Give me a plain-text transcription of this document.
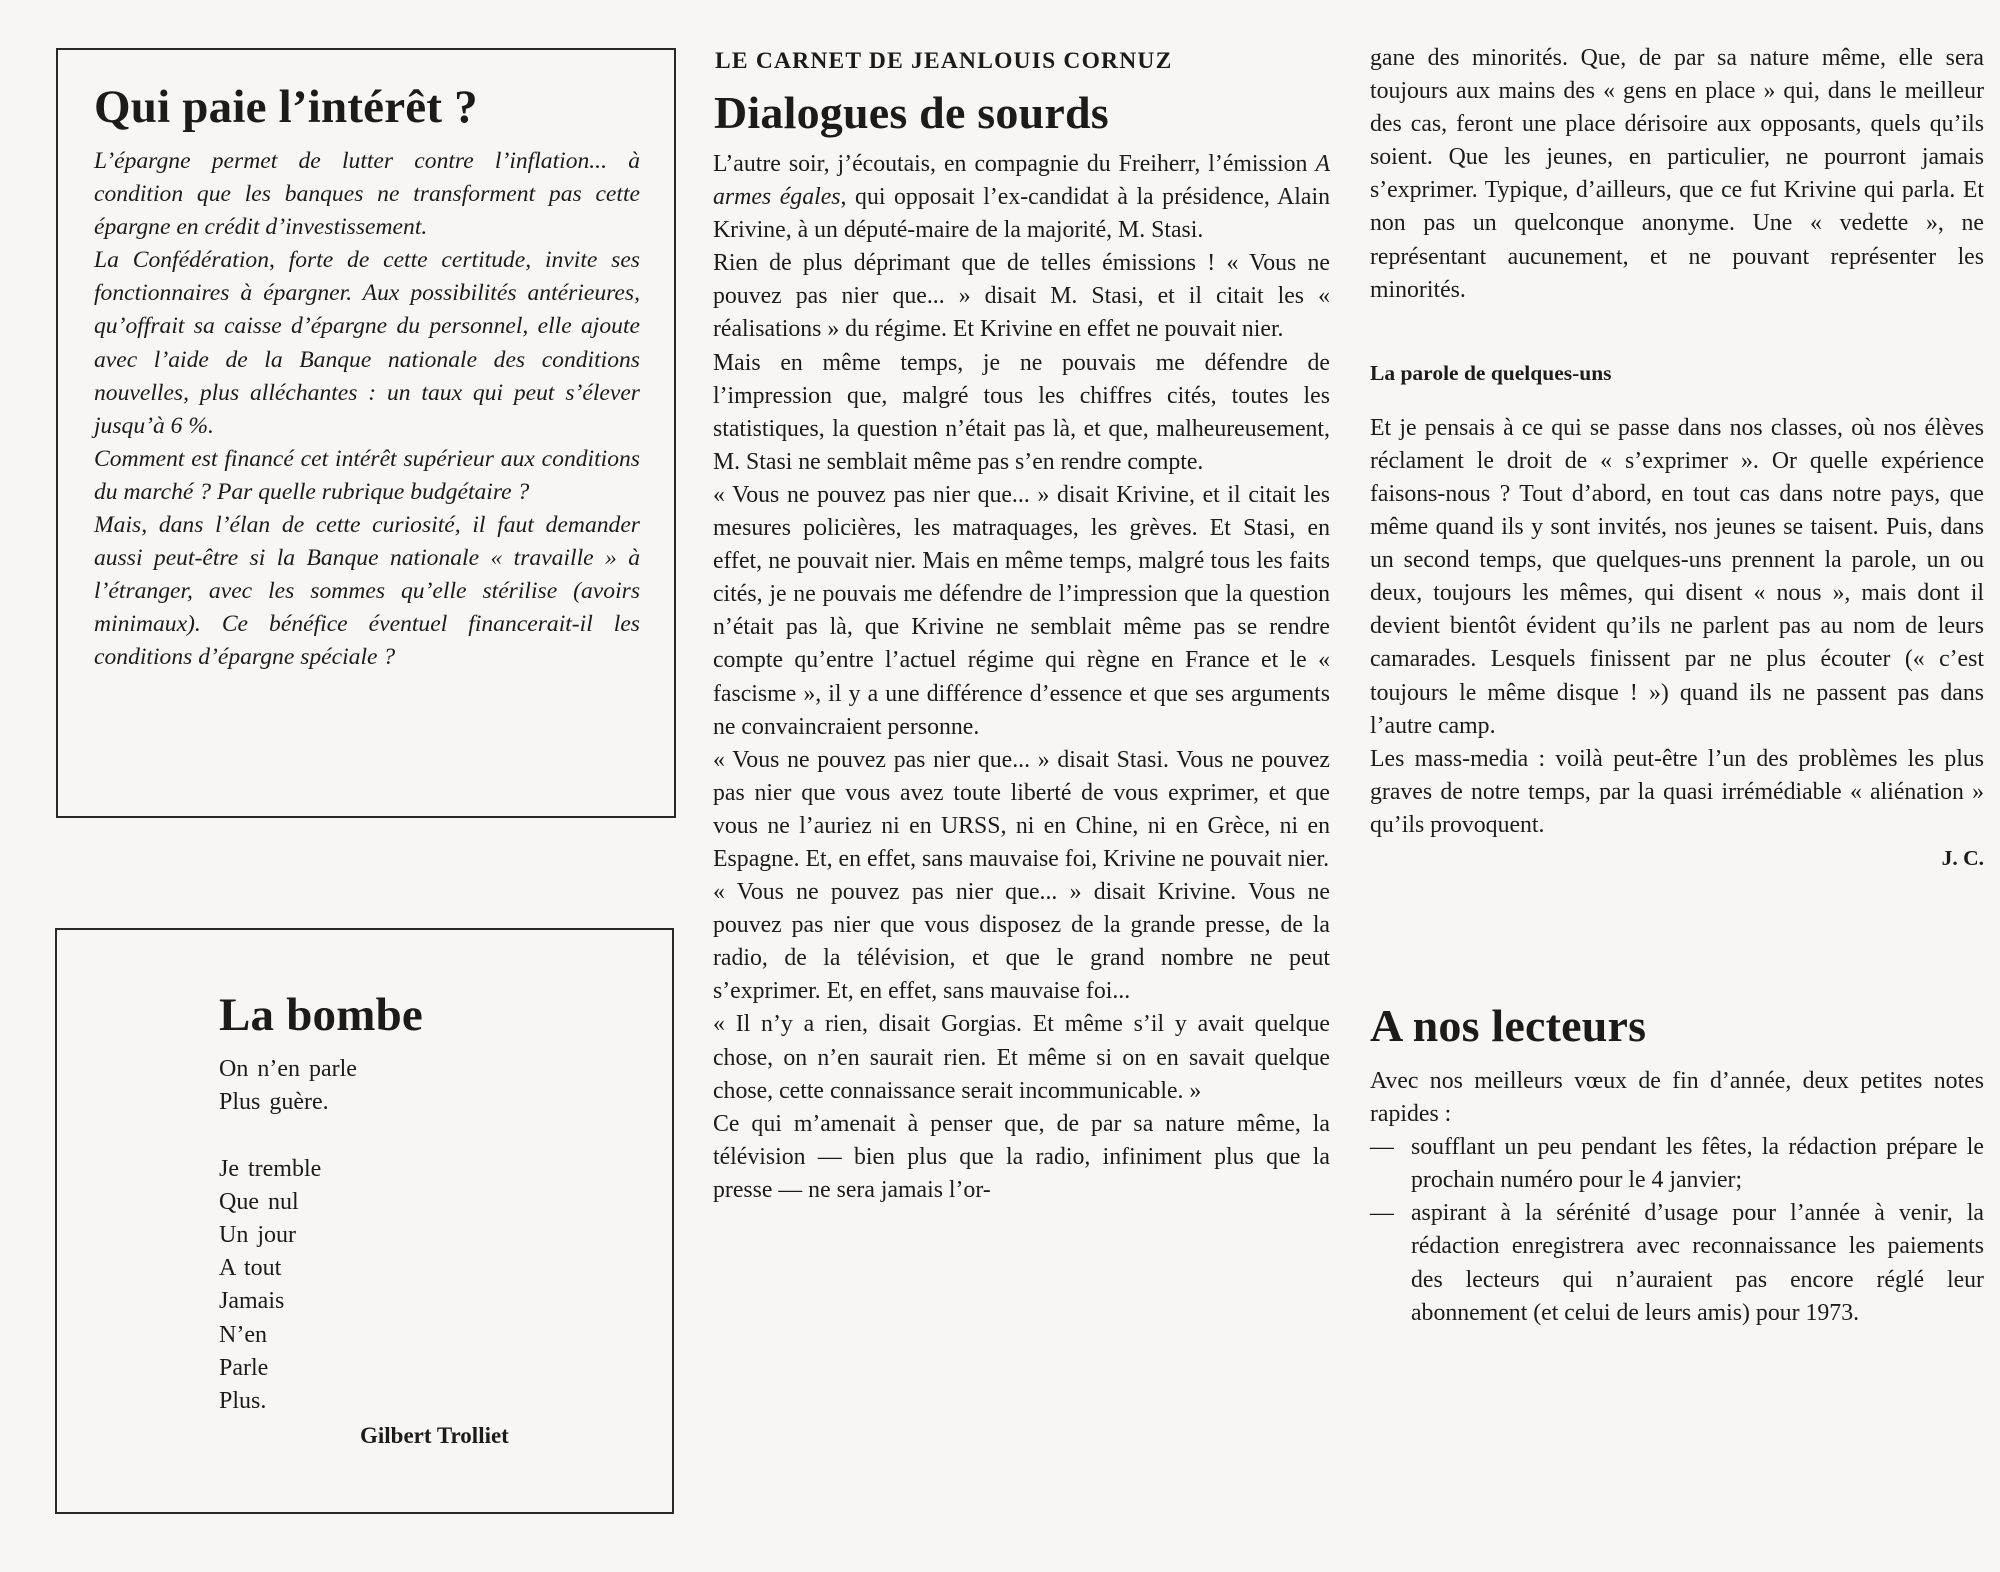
Qui paie l’intérêt ?

L’épargne permet de lutter contre l’inflation... à condition que les banques ne transforment pas cette épargne en crédit d’investissement.

La Confédération, forte de cette certitude, invite ses fonctionnaires à épargner. Aux possibilités antérieures, qu’offrait sa caisse d’épargne du personnel, elle ajoute avec l’aide de la Banque nationale des conditions nouvelles, plus alléchantes : un taux qui peut s’élever jusqu’à 6 %.

Comment est financé cet intérêt supérieur aux conditions du marché ? Par quelle rubrique budgétaire ?

Mais, dans l’élan de cette curiosité, il faut demander aussi peut-être si la Banque nationale « travaille » à l’étranger, avec les sommes qu’elle stérilise (avoirs minimaux). Ce bénéfice éventuel financerait-il les conditions d’épargne spéciale ?

La bombe
On n’en parle
Plus guère.
Je tremble
Que nul
Un jour
A tout
Jamais
N’en
Parle
Plus.
Gilbert Trolliet
LE CARNET DE JEANLOUIS CORNUZ
Dialogues de sourds

L’autre soir, j’écoutais, en compagnie du Freiherr, l’émission A armes égales, qui opposait l’ex-candidat à la présidence, Alain Krivine, à un député-maire de la majorité, M. Stasi.

Rien de plus déprimant que de telles émissions ! « Vous ne pouvez pas nier que... » disait M. Stasi, et il citait les « réalisations » du régime. Et Krivine en effet ne pouvait nier.

Mais en même temps, je ne pouvais me défendre de l’impression que, malgré tous les chiffres cités, toutes les statistiques, la question n’était pas là, et que, malheureusement, M. Stasi ne semblait même pas s’en rendre compte.

« Vous ne pouvez pas nier que... » disait Krivine, et il citait les mesures policières, les matraquages, les grèves. Et Stasi, en effet, ne pouvait nier. Mais en même temps, malgré tous les faits cités, je ne pouvais me défendre de l’impression que la question n’était pas là, que Krivine ne semblait même pas se rendre compte qu’entre l’actuel régime qui règne en France et le « fascisme », il y a une différence d’essence et que ses arguments ne convaincraient personne.

« Vous ne pouvez pas nier que... » disait Stasi. Vous ne pouvez pas nier que vous avez toute liberté de vous exprimer, et que vous ne l’auriez ni en URSS, ni en Chine, ni en Grèce, ni en Espagne. Et, en effet, sans mauvaise foi, Krivine ne pouvait nier.

« Vous ne pouvez pas nier que... » disait Krivine. Vous ne pouvez pas nier que vous disposez de la grande presse, de la radio, de la télévision, et que le grand nombre ne peut s’exprimer. Et, en effet, sans mauvaise foi...

« Il n’y a rien, disait Gorgias. Et même s’il y avait quelque chose, on n’en saurait rien. Et même si on en savait quelque chose, cette connaissance serait incommunicable. »

Ce qui m’amenait à penser que, de par sa nature même, la télévision — bien plus que la radio, infiniment plus que la presse — ne sera jamais l’or-

gane des minorités. Que, de par sa nature même, elle sera toujours aux mains des « gens en place » qui, dans le meilleur des cas, feront une place dérisoire aux opposants, quels qu’ils soient. Que les jeunes, en particulier, ne pourront jamais s’exprimer. Typique, d’ailleurs, que ce fut Krivine qui parla. Et non pas un quelconque anonyme. Une « vedette », ne représentant aucunement, et ne pouvant représenter les minorités.

La parole de quelques-uns

Et je pensais à ce qui se passe dans nos classes, où nos élèves réclament le droit de « s’exprimer ». Or quelle expérience faisons-nous ? Tout d’abord, en tout cas dans notre pays, que même quand ils y sont invités, nos jeunes se taisent. Puis, dans un second temps, que quelques-uns prennent la parole, un ou deux, toujours les mêmes, qui disent « nous », mais dont il devient bientôt évident qu’ils ne parlent pas au nom de leurs camarades. Lesquels finissent par ne plus écouter (« c’est toujours le même disque ! ») quand ils ne passent pas dans l’autre camp.

Les mass-media : voilà peut-être l’un des problèmes les plus graves de notre temps, par la quasi irrémédiable « aliénation » qu’ils provoquent.

J. C.

A nos lecteurs

Avec nos meilleurs vœux de fin d’année, deux petites notes rapides :

— soufflant un peu pendant les fêtes, la rédaction prépare le prochain numéro pour le 4 janvier;
— aspirant à la sérénité d’usage pour l’année à venir, la rédaction enregistrera avec reconnaissance les paiements des lecteurs qui n’auraient pas encore réglé leur abonnement (et celui de leurs amis) pour 1973.
